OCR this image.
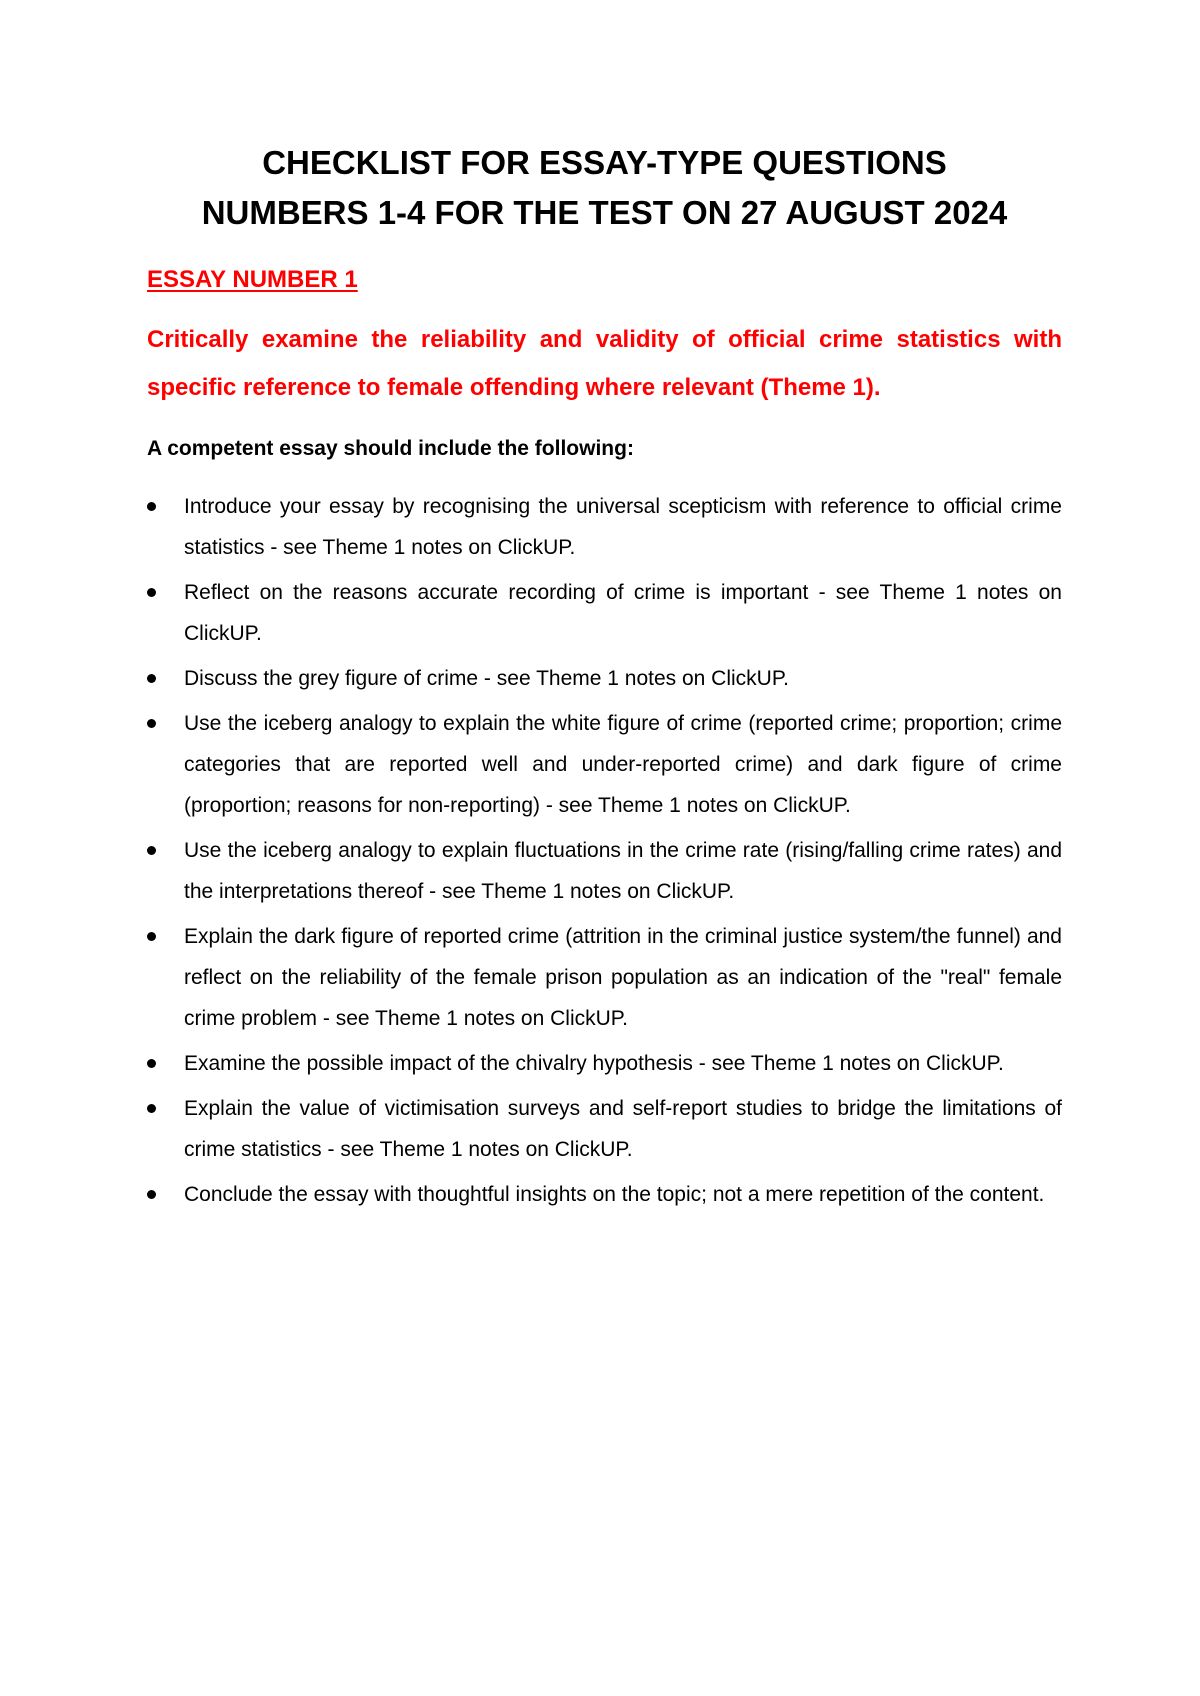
CHECKLIST FOR ESSAY-TYPE QUESTIONS
NUMBERS 1-4 FOR THE TEST ON 27 AUGUST 2024
ESSAY NUMBER 1

Critically examine the reliability and validity of official crime statistics with specific reference to female offending where relevant (Theme 1).

A competent essay should include the following:

Introduce your essay by recognising the universal scepticism with reference to official crime statistics - see Theme 1 notes on ClickUP.
Reflect on the reasons accurate recording of crime is important - see Theme 1 notes on ClickUP.
Discuss the grey figure of crime - see Theme 1 notes on ClickUP.
Use the iceberg analogy to explain the white figure of crime (reported crime; proportion; crime categories that are reported well and under-reported crime) and dark figure of crime (proportion; reasons for non-reporting) - see Theme 1 notes on ClickUP.
Use the iceberg analogy to explain fluctuations in the crime rate (rising/falling crime rates) and the interpretations thereof - see Theme 1 notes on ClickUP.
Explain the dark figure of reported crime (attrition in the criminal justice system/the funnel) and reflect on the reliability of the female prison population as an indication of the "real" female crime problem - see Theme 1 notes on ClickUP.
Examine the possible impact of the chivalry hypothesis - see Theme 1 notes on ClickUP.
Explain the value of victimisation surveys and self-report studies to bridge the limitations of crime statistics - see Theme 1 notes on ClickUP.
Conclude the essay with thoughtful insights on the topic; not a mere repetition of the content.
